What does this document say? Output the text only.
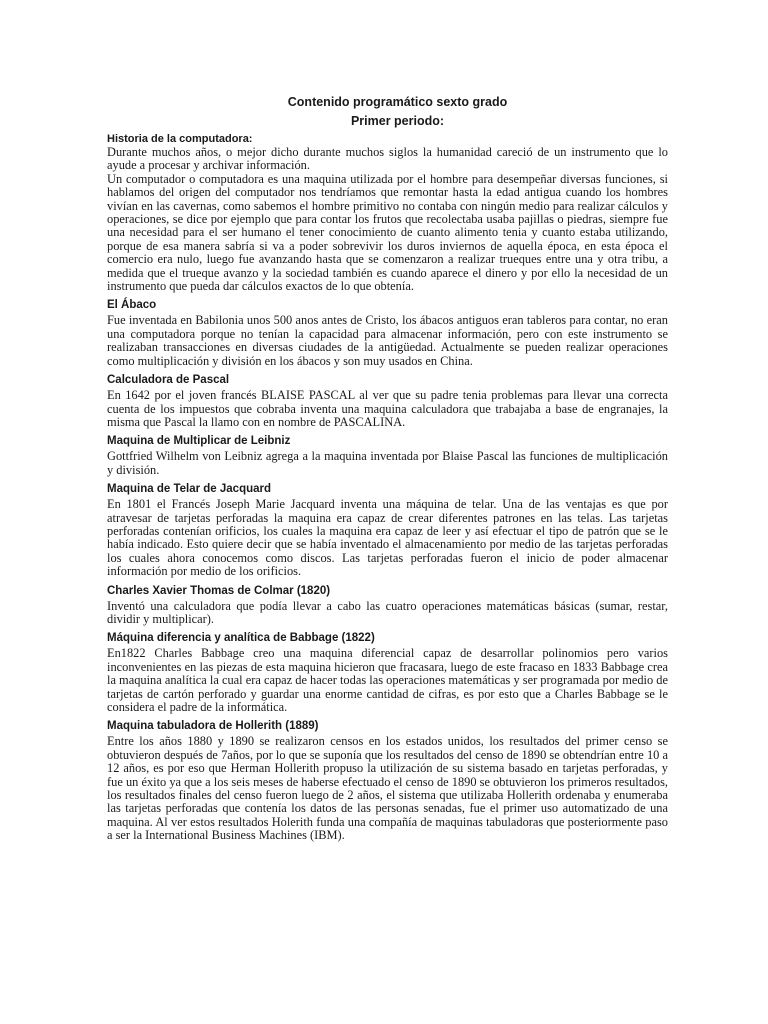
Contenido programático sexto grado
Primer periodo:
Historia de la computadora:

Durante muchos años, o mejor dicho durante muchos siglos la humanidad careció de un instrumento que lo ayude a procesar y archivar información.

Un computador o computadora es una maquina utilizada por el hombre para desempeñar diversas funciones, si hablamos del origen del computador nos tendríamos que remontar hasta la edad antigua cuando los hombres vivían en las cavernas, como sabemos el hombre primitivo no contaba con ningún medio para realizar cálculos y operaciones, se dice por ejemplo que para contar los frutos que recolectaba usaba pajillas o piedras, siempre fue una necesidad para el ser humano el tener conocimiento de cuanto alimento tenia y cuanto estaba utilizando, porque de esa manera sabría si va a poder sobrevivir los duros inviernos de aquella época, en esta época el comercio era nulo, luego fue avanzando hasta que se comenzaron a realizar trueques entre una y otra tribu, a medida que el trueque avanzo y la sociedad también es cuando aparece el dinero y por ello la necesidad de un instrumento que pueda dar cálculos exactos de lo que obtenía.

El Ábaco

Fue inventada en Babilonia unos 500 anos antes de Cristo, los ábacos antiguos eran tableros para contar, no eran una computadora porque no tenían la capacidad para almacenar información, pero con este instrumento se realizaban transacciones en diversas ciudades de la antigüedad. Actualmente se pueden realizar operaciones como multiplicación y división en los ábacos y son muy usados en China.

Calculadora de Pascal

En 1642 por el joven francés BLAISE PASCAL al ver que su padre tenia problemas para llevar una correcta cuenta de los impuestos que cobraba inventa una maquina calculadora que trabajaba a base de engranajes, la misma que Pascal la llamo con en nombre de PASCALINA.

Maquina de Multiplicar de Leibniz

Gottfried Wilhelm von Leibniz agrega a la maquina inventada por Blaise Pascal las funciones de multiplicación y división.

Maquina de Telar de Jacquard

En 1801 el Francés Joseph Marie Jacquard inventa una máquina de telar. Una de las ventajas es que por atravesar de tarjetas perforadas la maquina era capaz de crear diferentes patrones en las telas. Las tarjetas perforadas contenían orificios, los cuales la maquina era capaz de leer y así efectuar el tipo de patrón que se le había indicado. Esto quiere decir que se había inventado el almacenamiento por medio de las tarjetas perforadas los cuales ahora conocemos como discos. Las tarjetas perforadas fueron el inicio de poder almacenar información por medio de los orificios.

Charles Xavier Thomas de Colmar (1820)

Inventó una calculadora que podía llevar a cabo las cuatro operaciones matemáticas básicas (sumar, restar, dividir y multiplicar).

Máquina diferencia y analítica de Babbage (1822)

En1822 Charles Babbage creo una maquina diferencial capaz de desarrollar polinomios pero varios inconvenientes en las piezas de esta maquina hicieron que fracasara, luego de este fracaso en 1833 Babbage crea la maquina analítica la cual era capaz de hacer todas las operaciones matemáticas y ser programada por medio de tarjetas de cartón perforado y guardar una enorme cantidad de cifras, es por esto que a Charles Babbage se le considera el padre de la informática.

Maquina tabuladora de Hollerith (1889)

Entre los años 1880 y 1890 se realizaron censos en los estados unidos, los resultados del primer censo se obtuvieron después de 7años, por lo que se suponía que los resultados del censo de 1890 se obtendrían entre 10 a 12 años, es por eso que Herman Hollerith propuso la utilización de su sistema basado en tarjetas perforadas, y fue un éxito ya que a los seis meses de haberse efectuado el censo de 1890 se obtuvieron los primeros resultados, los resultados finales del censo fueron luego de 2 años, el sistema que utilizaba Hollerith ordenaba y enumeraba las tarjetas perforadas que contenía los datos de las personas senadas, fue el primer uso automatizado de una maquina. Al ver estos resultados Holerith funda una compañía de maquinas tabuladoras que posteriormente paso a ser la International Business Machines (IBM).
